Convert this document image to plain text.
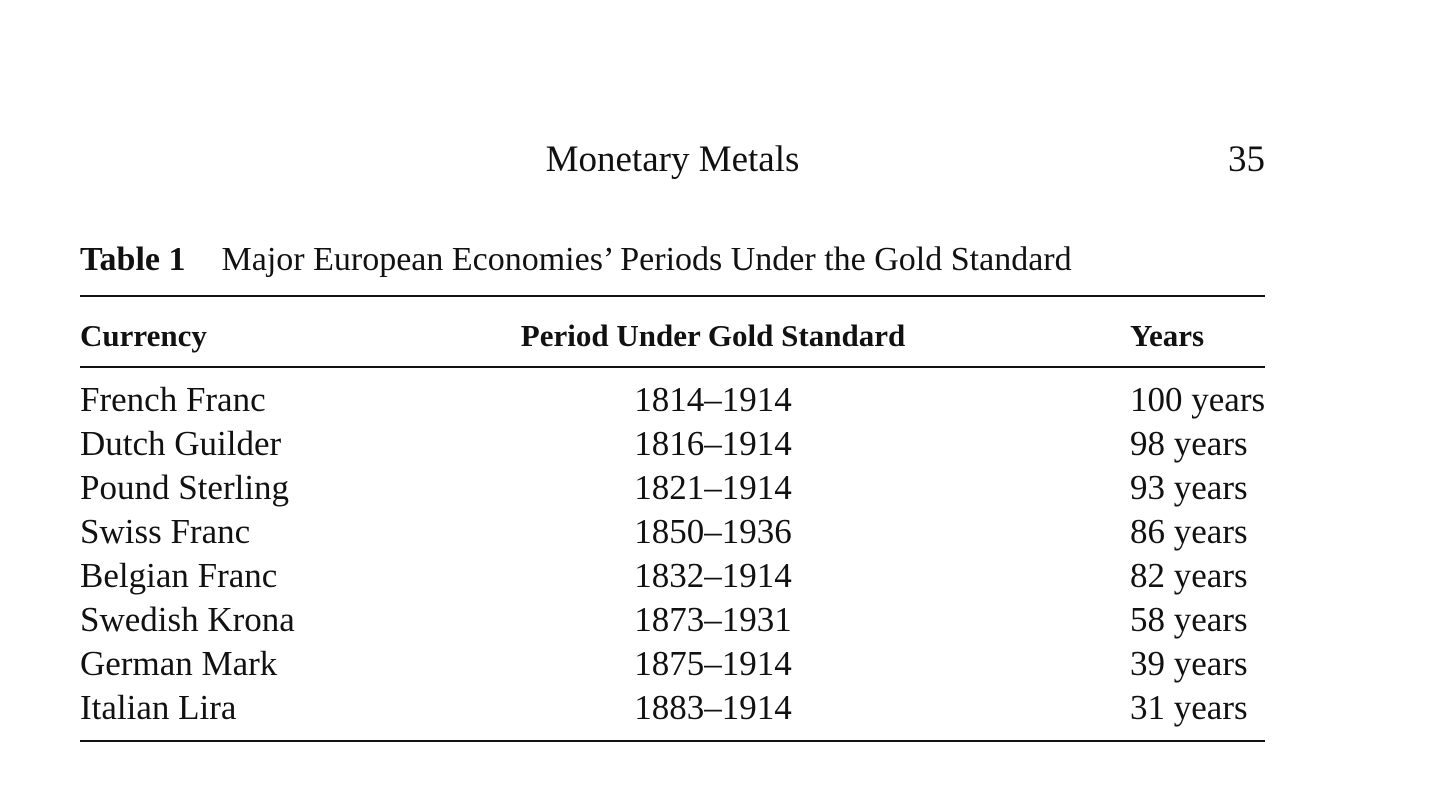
Monetary Metals	35
Table 1 Major European Economies’ Periods Under the Gold Standard
Currency	Period Under Gold Standard	Years
French Franc	1814–1914	100 years
Dutch Guilder	1816–1914	98 years
Pound Sterling	1821–1914	93 years
Swiss Franc	1850–1936	86 years
Belgian Franc	1832–1914	82 years
Swedish Krona	1873–1931	58 years
German Mark	1875–1914	39 years
Italian Lira	1883–1914	31 years
